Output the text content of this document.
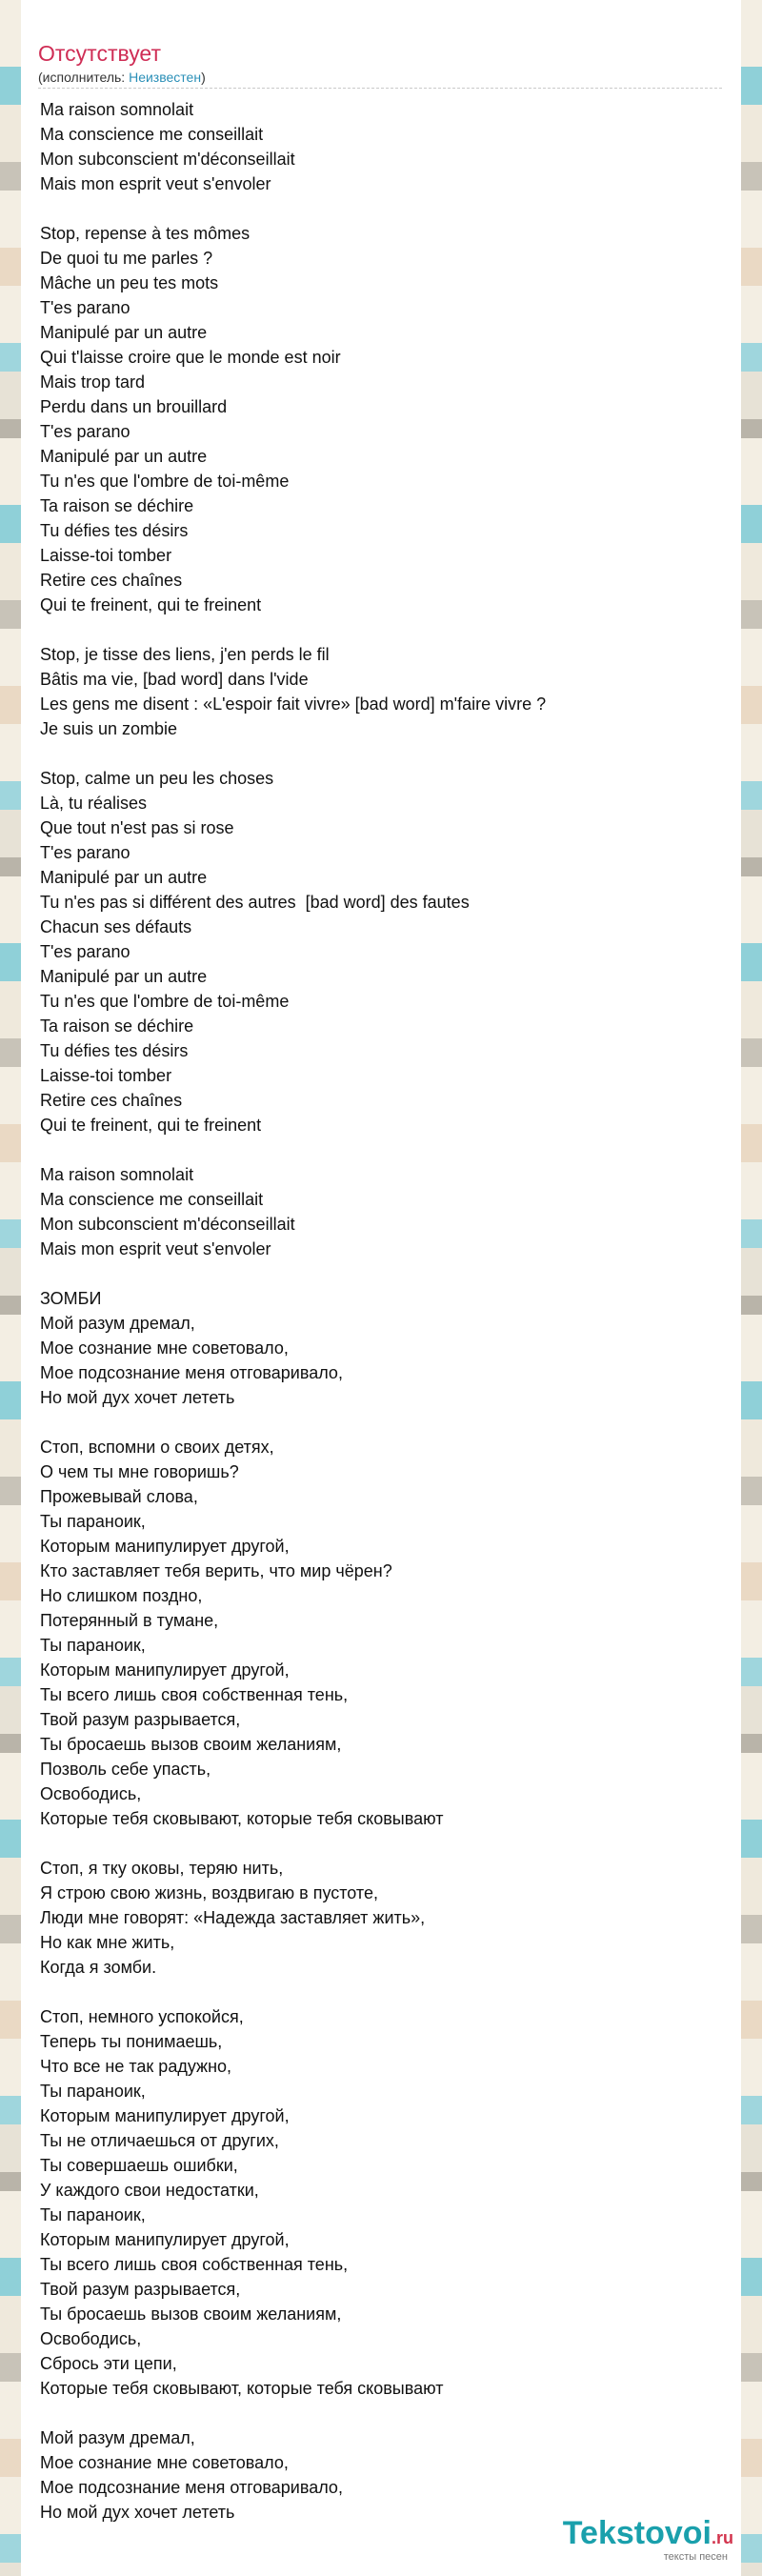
Отсутствует
(исполнитель: Неизвестен)
Ma raison somnolait
Ma conscience me conseillait
Mon subconscient m'déconseillait
Mais mon esprit veut s'envoler
Stop, repense à tes mômes
De quoi tu me parles ?
Mâche un peu tes mots
T'es parano
Manipulé par un autre
Qui t'laisse croire que le monde est noir
Mais trop tard
Perdu dans un brouillard
T'es parano
Manipulé par un autre
Tu n'es que l'ombre de toi-même
Ta raison se déchire
Tu défies tes désirs
Laisse-toi tomber
Retire ces chaînes
Qui te freinent, qui te freinent
Stop, je tisse des liens, j'en perds le fil
Bâtis ma vie, [bad word] dans l'vide
Les gens me disent : «L'espoir fait vivre» [bad word] m'faire vivre ?
Je suis un zombie
Stop, calme un peu les choses
Là, tu réalises
Que tout n'est pas si rose
T'es parano
Manipulé par un autre
Tu n'es pas si différent des autres  [bad word] des fautes
Chacun ses défauts
T'es parano
Manipulé par un autre
Tu n'es que l'ombre de toi-même
Ta raison se déchire
Tu défies tes désirs
Laisse-toi tomber
Retire ces chaînes
Qui te freinent, qui te freinent
Ma raison somnolait
Ma conscience me conseillait
Mon subconscient m'déconseillait
Mais mon esprit veut s'envoler
ЗОМБИ
Мой разум дремал,
Мое сознание мне советовало,
Мое подсознание меня отговаривало,
Но мой дух хочет лететь
Стоп, вспомни о своих детях,
О чем ты мне говоришь?
Прожевывай слова,
Ты параноик,
Которым манипулирует другой,
Кто заставляет тебя верить, что мир чёрен?
Но слишком поздно,
Потерянный в тумане,
Ты параноик,
Которым манипулирует другой,
Ты всего лишь своя собственная тень,
Твой разум разрывается,
Ты бросаешь вызов своим желаниям,
Позволь себе упасть,
Освободись,
Которые тебя сковывают, которые тебя сковывают
Стоп, я тку оковы, теряю нить,
Я строю свою жизнь, воздвигаю в пустоте,
Люди мне говорят: «Надежда заставляет жить»,
Но как мне жить,
Когда я зомби.
Стоп, немного успокойся,
Теперь ты понимаешь,
Что все не так радужно,
Ты параноик,
Которым манипулирует другой,
Ты не отличаешься от других,
Ты совершаешь ошибки,
У каждого свои недостатки,
Ты параноик,
Которым манипулирует другой,
Ты всего лишь своя собственная тень,
Твой разум разрывается,
Ты бросаешь вызов своим желаниям,
Освободись,
Сбрось эти цепи,
Которые тебя сковывают, которые тебя сковывают
Мой разум дремал,
Мое сознание мне советовало,
Мое подсознание меня отговаривало,
Но мой дух хочет лететь
Tekstovoi.ru
тексты песен
